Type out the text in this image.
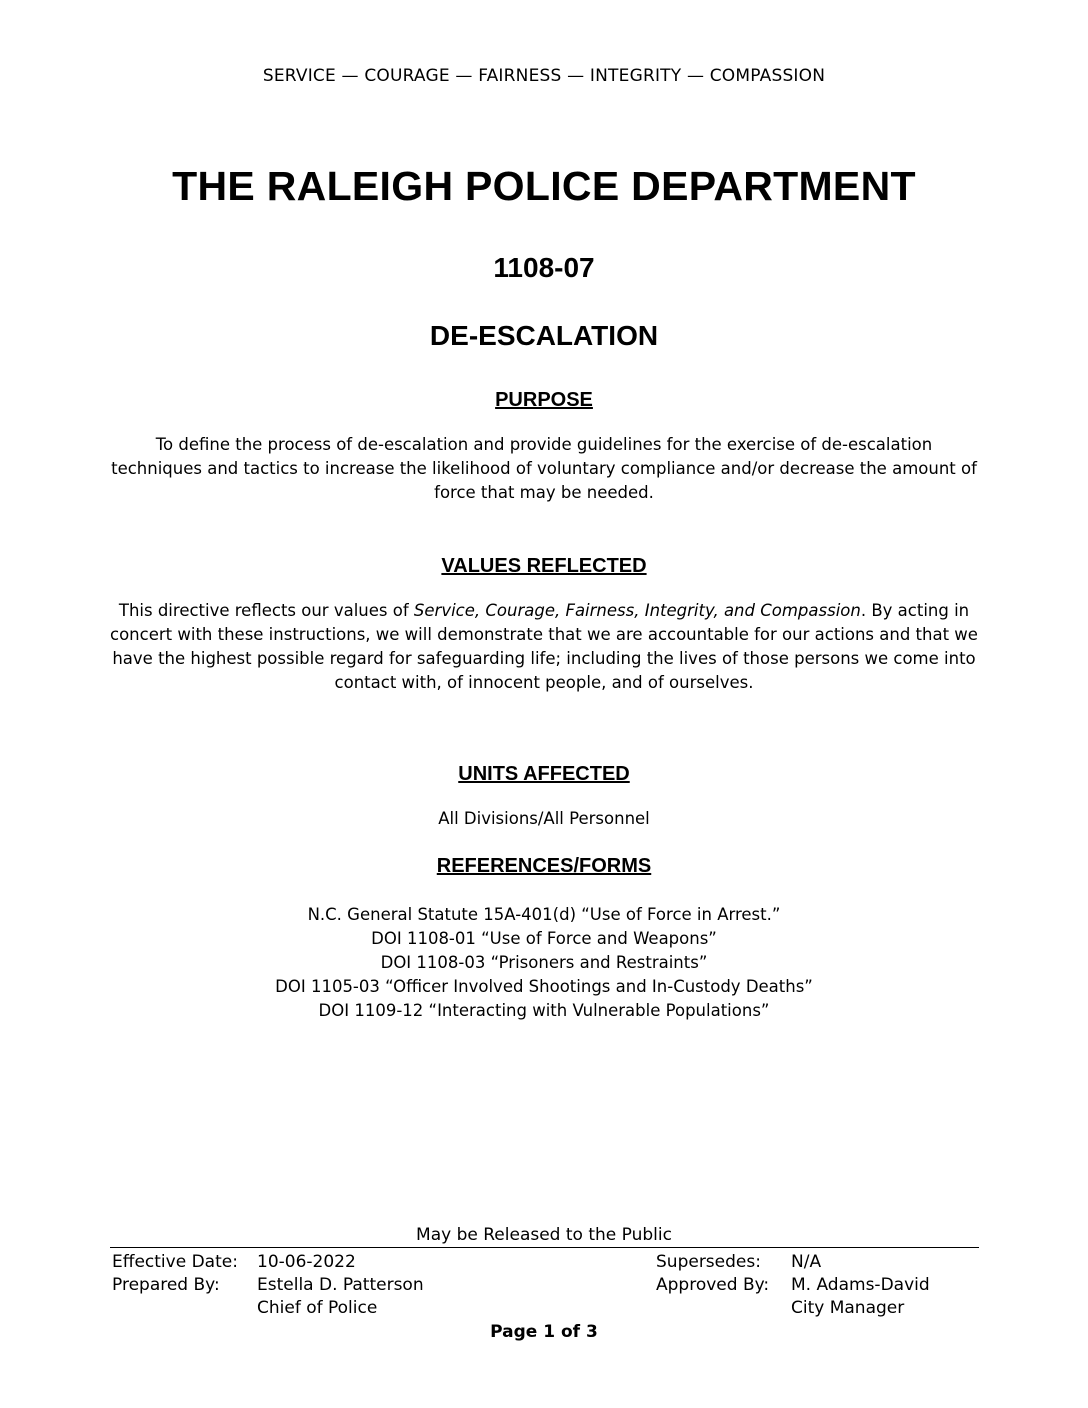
SERVICE — COURAGE — FAIRNESS — INTEGRITY — COMPASSION
THE RALEIGH POLICE DEPARTMENT
1108-07
DE-ESCALATION
PURPOSE

To define the process of de-escalation and provide guidelines for the exercise of de-escalation techniques and tactics to increase the likelihood of voluntary compliance and/or decrease the amount of force that may be needed.

VALUES REFLECTED

This directive reflects our values of Service, Courage, Fairness, Integrity, and Compassion. By acting in concert with these instructions, we will demonstrate that we are accountable for our actions and that we have the highest possible regard for safeguarding life; including the lives of those persons we come into contact with, of innocent people, and of ourselves.

UNITS AFFECTED

All Divisions/All Personnel

REFERENCES/FORMS
N.C. General Statute 15A-401(d) “Use of Force in Arrest.”
DOI 1108-01 “Use of Force and Weapons”
DOI 1108-03 “Prisoners and Restraints”
DOI 1105-03 “Officer Involved Shootings and In-Custody Deaths”
DOI 1109-12 “Interacting with Vulnerable Populations”
May be Released to the Public
Effective Date: 10-06-2022
Prepared By: Estella D. Patterson
Chief of Police
Supersedes: N/A
Approved By: M. Adams-David
City Manager
Page 1 of 3
